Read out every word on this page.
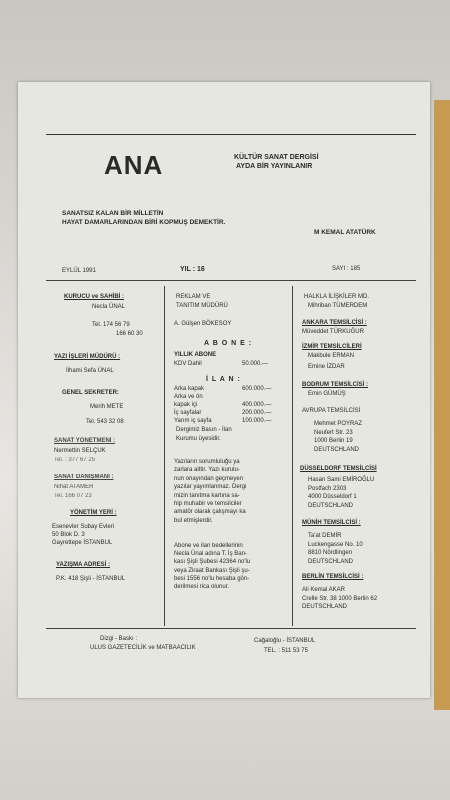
ANA	KÜLTÜR SANAT DERGİSİ
AYDA BİR YAYINLANIR
SANATSIZ KALAN BİR MİLLETİN
HAYAT DAMARLARINDAN BİRİ KOPMUŞ DEMEKTİR.
M KEMAL ATATÜRK
EYLÜL 1991	YIL : 16	SAYI : 185
KURUCU ve SAHİBİ :
Necla ÜNAL
Tel. 174 56 79
166 60 30
YAZI İŞLERİ MÜDÜRÜ :
İlhami Sefa ÜNAL
GENEL SEKRETER:
Merih METE
Tel. 543 32 08
SANAT YÖNETMENİ :
Nermettin SELÇUK
Tel. : 377 67 25
SANAT DANIŞMANI :
Nihat ATAMER
Tel. 166 07 23
YÖNETİM YERİ :
Esenevler Subay Evleri
50 Blok D. 3
Gayrettepe İSTANBUL
YAZIŞMA ADRESİ :
P.K. 418 Şişli - İSTANBUL
REKLAM VE
TANITIM MÜDÜRÜ
A. Gülşen BÖKESOY
A B O N E :
YILLIK ABONE
KDV Dahil	50.000.—
İ L A N :
Arka kapak	600.000.—
Arka ve ön
kapak içi	400.000.—
İç sayfalar	200.000.—
Yarım iç sayfa	100.000.—
Dergimiz Basın - İlan
Kurumu üyesidir.
Yazıların sorumluluğu ya
zarlara aittir. Yazı kurulu-
nun onayından geçmeyen
yazılar yayımlanmaz. Dergi
mizin tanıtma kartına sa-
hip muhabir ve temsilciler
amatör olarak çalışmayı ka
bul etmişlerdir.
Abone ve ilan bedellerinin
Necla Ünal adına T. İş Ban-
kası Şişli Şubesi 42364 no'lu
veya Ziraat Bankası Şişli şu-
besi 1556 no'lu hesaba gön-
derilmesi rica olunur.
HALKLA İLİŞKİLER MD.
Mihriban TÜMERDEM
ANKARA TEMSİLCİSİ :
Müveddet TÜRKUĞUR
İZMİR TEMSİLCİLERİ
Makbule ERMAN
Emine İZDAR
BODRUM TEMSİLCİSİ :
Emin GÜMÜŞ
AVRUPA TEMSİLCİSİ
Mehmet POYRAZ
Neufert Str. 23
1000 Berlin 19
DEUTSCHLAND
DÜSSELDORF TEMSİLCİSİ
Hasan Sami EMİROĞLU
Postfach 2303
4000 Düsseldorf 1
DEUTSCHLAND
MÜNİH TEMSİLCİSİ :
Ta'at DEMİR
Luckengasse No. 10
8810 Nördlingen
DEUTSCHLAND
BERLİN TEMSİLCİSİ :
Ali Kemal AKAR
Crelle Str. 38 1000 Berlin 62
DEUTSCHLAND
Dizgi - Baskı :
ULUS GAZETECİLİK ve MATBAACILIK
Cağaloğlu - İSTANBUL
TEL. : 511 53 75
